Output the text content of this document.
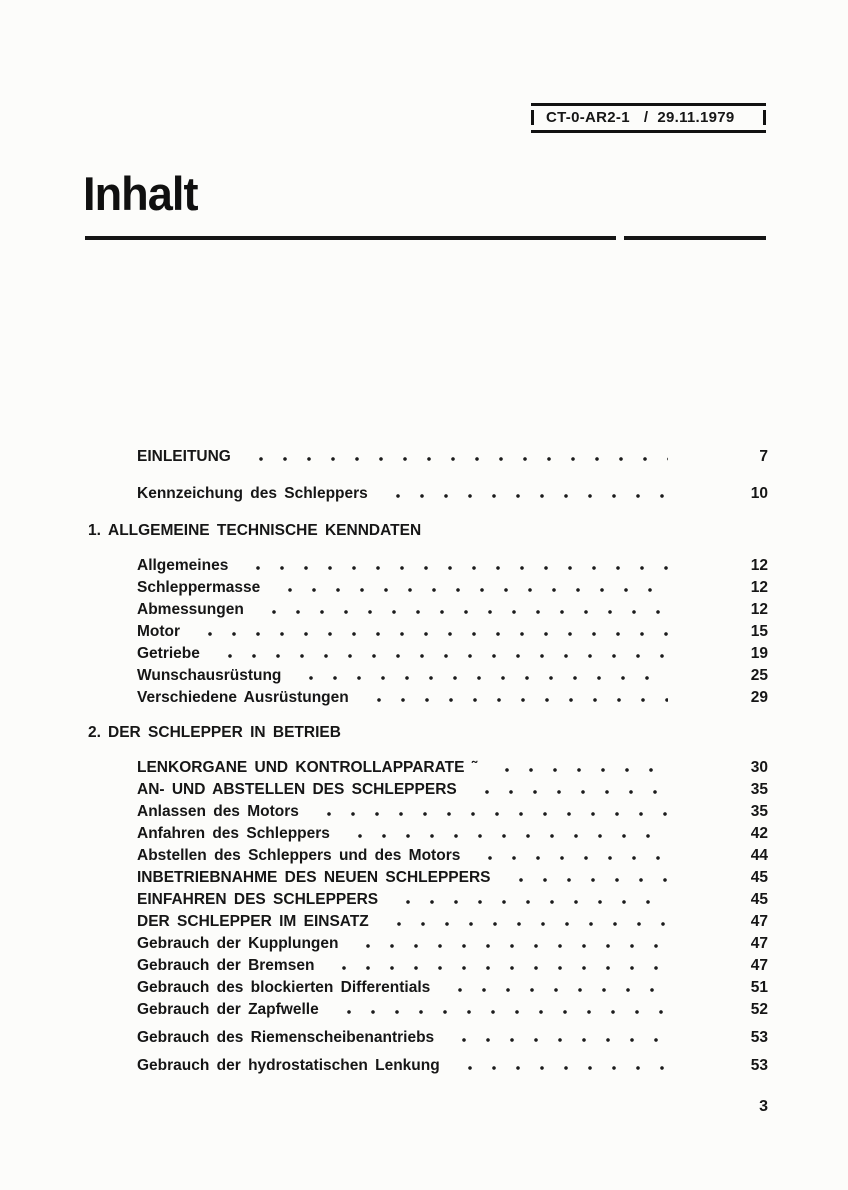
CT-0-AR2-1 / 29.11.1979
Inhalt
EINLEITUNG	7
Kennzeichung des Schleppers	10
1. ALLGEMEINE TECHNISCHE KENNDATEN
Allgemeines	12
Schleppermasse	12
Abmessungen	12
Motor	15
Getriebe	19
Wunschausrüstung	25
Verschiedene Ausrüstungen	29
2. DER SCHLEPPER IN BETRIEB
LENKORGANE UND KONTROLLAPPARATE ˜	30
AN- UND ABSTELLEN DES SCHLEPPERS	35
Anlassen des Motors	35
Anfahren des Schleppers	42
Abstellen des Schleppers und des Motors	44
INBETRIEBNAHME DES NEUEN SCHLEPPERS	45
EINFAHREN DES SCHLEPPERS	45
DER SCHLEPPER IM EINSATZ	47
Gebrauch der Kupplungen	47
Gebrauch der Bremsen	47
Gebrauch des blockierten Differentials	51
Gebrauch der Zapfwelle	52
Gebrauch des Riemenscheibenantriebs	53
Gebrauch der hydrostatischen Lenkung	53
3
